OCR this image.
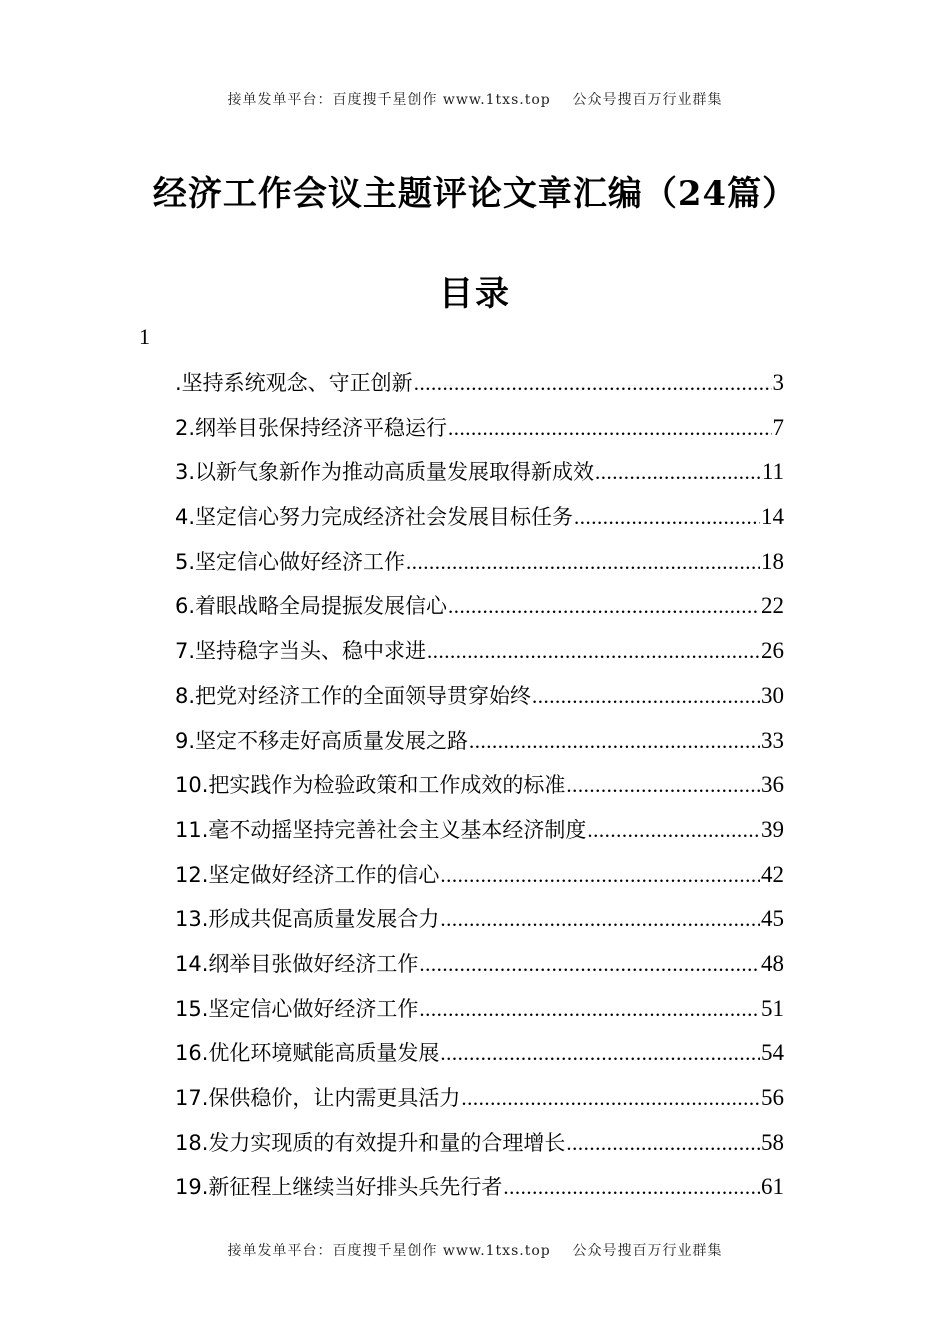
接单发单平台：百度搜千星创作 www.1txs.top    公众号搜百万行业群集
经济工作会议主题评论文章汇编（24篇）
目录
1
.坚持系统观念、守正创新 .....	3
2.纲举目张保持经济平稳运行 .....	7
3.以新气象新作为推动高质量发展取得新成效 .....	11
4.坚定信心努力完成经济社会发展目标任务 .....	14
5.坚定信心做好经济工作 .....	18
6.着眼战略全局提振发展信心 .....	22
7.坚持稳字当头、稳中求进 .....	26
8.把党对经济工作的全面领导贯穿始终 .....	30
9.坚定不移走好高质量发展之路 .....	33
10.把实践作为检验政策和工作成效的标准 .....	36
11.毫不动摇坚持完善社会主义基本经济制度 .....	39
12.坚定做好经济工作的信心 .....	42
13.形成共促高质量发展合力 .....	45
14.纲举目张做好经济工作 .....	48
15.坚定信心做好经济工作 .....	51
16.优化环境赋能高质量发展 .....	54
17.保供稳价，让内需更具活力 .....	56
18.发力实现质的有效提升和量的合理增长 .....	58
19.新征程上继续当好排头兵先行者 .....	61
接单发单平台：百度搜千星创作 www.1txs.top    公众号搜百万行业群集
